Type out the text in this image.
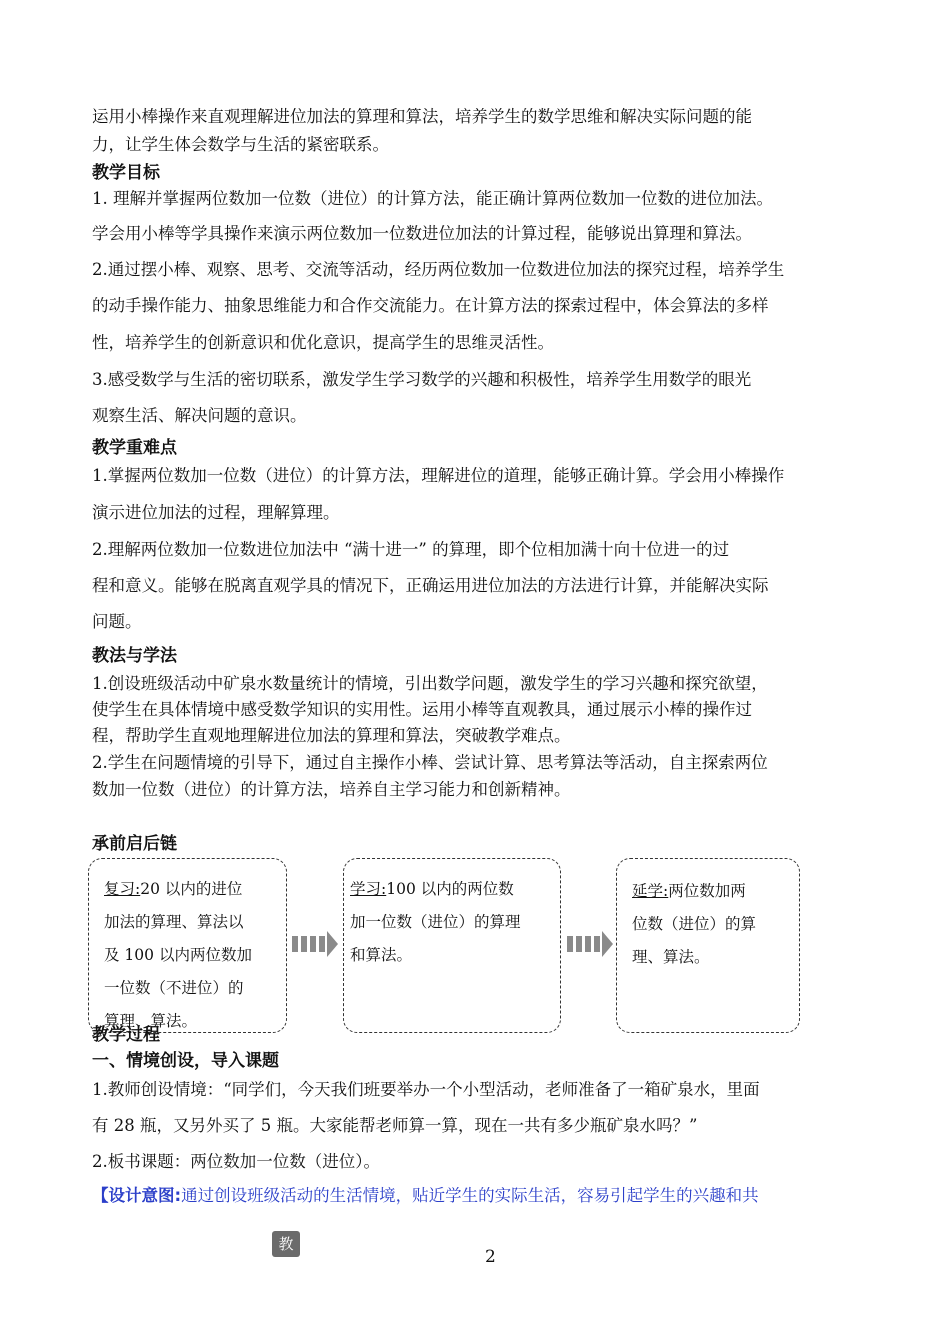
运用小棒操作来直观理解进位加法的算理和算法，培养学生的数学思维和解决实际问题的能

力，让学生体会数学与生活的紧密联系。

教学目标

1. 理解并掌握两位数加一位数（进位）的计算方法，能正确计算两位数加一位数的进位加法。

学会用小棒等学具操作来演示两位数加一位数进位加法的计算过程，能够说出算理和算法。

2.通过摆小棒、观察、思考、交流等活动，经历两位数加一位数进位加法的探究过程，培养学生

的动手操作能力、抽象思维能力和合作交流能力。在计算方法的探索过程中，体会算法的多样

性，培养学生的创新意识和优化意识，提高学生的思维灵活性。

3.感受数学与生活的密切联系，激发学生学习数学的兴趣和积极性，培养学生用数学的眼光

观察生活、解决问题的意识。

教学重难点

1.掌握两位数加一位数（进位）的计算方法，理解进位的道理，能够正确计算。学会用小棒操作

演示进位加法的过程，理解算理。

2.理解两位数加一位数进位加法中 “满十进一” 的算理，即个位相加满十向十位进一的过

程和意义。能够在脱离直观学具的情况下，正确运用进位加法的方法进行计算，并能解决实际

问题。

教法与学法

1.创设班级活动中矿泉水数量统计的情境，引出数学问题，激发学生的学习兴趣和探究欲望，

使学生在具体情境中感受数学知识的实用性。运用小棒等直观教具，通过展示小棒的操作过

程，帮助学生直观地理解进位加法的算理和算法，突破教学难点。

2.学生在问题情境的引导下，通过自主操作小棒、尝试计算、思考算法等活动，自主探索两位

数加一位数（进位）的计算方法，培养自主学习能力和创新精神。

承前启后链
复习:20 以内的进位
加法的算理、算法以
及 100 以内两位数加
一位数（不进位）的
算理、算法。
学习:100 以内的两位数
加一位数（进位）的算理
和算法。
延学:两位数加两
位数（进位）的算
理、算法。
教学过程
一、情境创设，导入课题

1.教师创设情境：“同学们，今天我们班要举办一个小型活动，老师准备了一箱矿泉水，里面

有 28 瓶，又另外买了 5 瓶。大家能帮老师算一算，现在一共有多少瓶矿泉水吗？”

2.板书课题：两位数加一位数（进位）。

【设计意图:通过创设班级活动的生活情境，贴近学生的实际生活，容易引起学生的兴趣和共
教
2
